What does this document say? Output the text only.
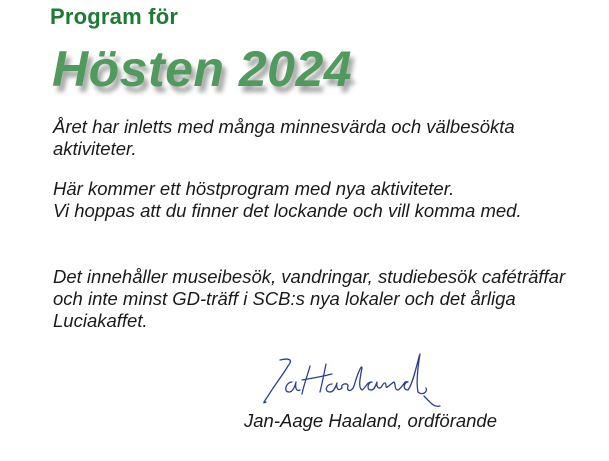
Program för
Hösten 2024

Året har inletts med många minnesvärda och välbesökta aktiviteter.

Här kommer ett höstprogram med nya aktiviteter.
Vi hoppas att du finner det lockande och vill komma med.

Det innehåller museibesök, vandringar, studiebesök caféträffar och inte minst GD-träff i SCB:s nya lokaler och det årliga Luciakaffet.

Jan-Aage Haaland, ordförande
